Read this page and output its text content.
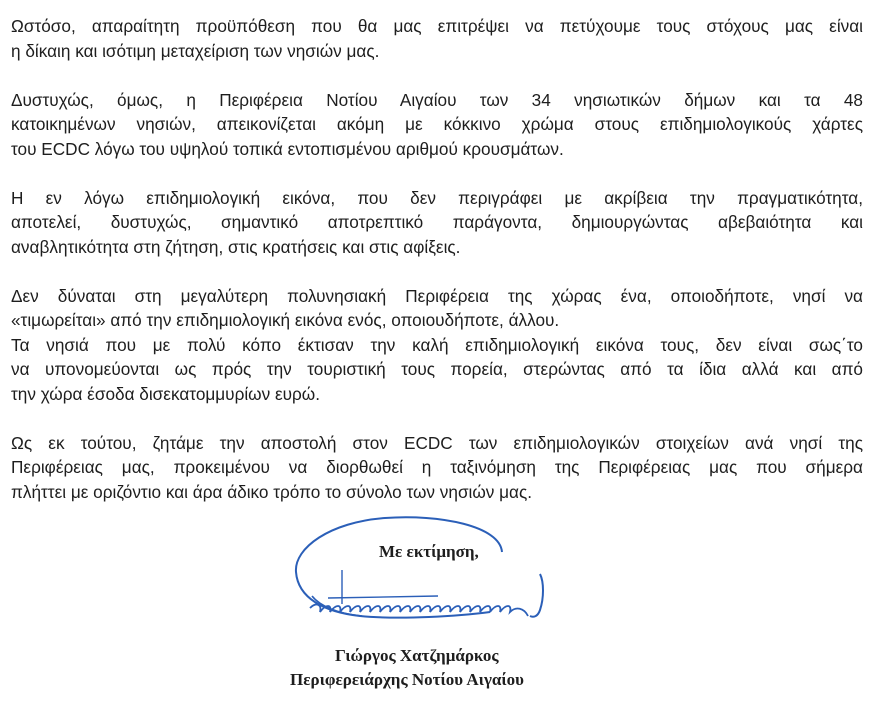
Ωστόσο, απαραίτητη προϋπόθεση που θα μας επιτρέψει να πετύχουμε τους στόχους μας είναι
η δίκαιη και ισότιμη μεταχείριση των νησιών μας.

Δυστυχώς, όμως, η Περιφέρεια Νοτίου Αιγαίου των 34 νησιωτικών δήμων και τα 48
κατοικημένων νησιών, απεικονίζεται ακόμη με κόκκινο χρώμα στους επιδημιολογικούς χάρτες
του ECDC λόγω του υψηλού τοπικά εντοπισμένου αριθμού κρουσμάτων.

Η εν λόγω επιδημιολογική εικόνα, που δεν περιγράφει με ακρίβεια την πραγματικότητα,
αποτελεί, δυστυχώς, σημαντικό αποτρεπτικό παράγοντα, δημιουργώντας αβεβαιότητα και
αναβλητικότητα στη ζήτηση, στις κρατήσεις και στις αφίξεις.

Δεν δύναται στη μεγαλύτερη πολυνησιακή Περιφέρεια της χώρας ένα, οποιοδήποτε, νησί να
«τιμωρείται» από την επιδημιολογική εικόνα ενός, οποιουδήποτε, άλλου.
Τα νησιά που με πολύ κόπο έκτισαν την καλή επιδημιολογική εικόνα τους, δεν είναι σως΄το
να υπονομεύονται ως πρός την τουριστική τους πορεία, στερώντας από τα ίδια αλλά και από
την χώρα έσοδα δισεκατομμυρίων ευρώ.

Ως εκ τούτου, ζητάμε την αποστολή στον ECDC των επιδημιολογικών στοιχείων ανά νησί της
Περιφέρειας μας, προκειμένου να διορθωθεί η ταξινόμηση της Περιφέρειας μας που σήμερα
πλήττει με οριζόντιο και άρα άδικο τρόπο το σύνολο των νησιών μας.

Με εκτίμηση,
Γιώργος Χατζημάρκος
Περιφερειάρχης Νοτίου Αιγαίου
